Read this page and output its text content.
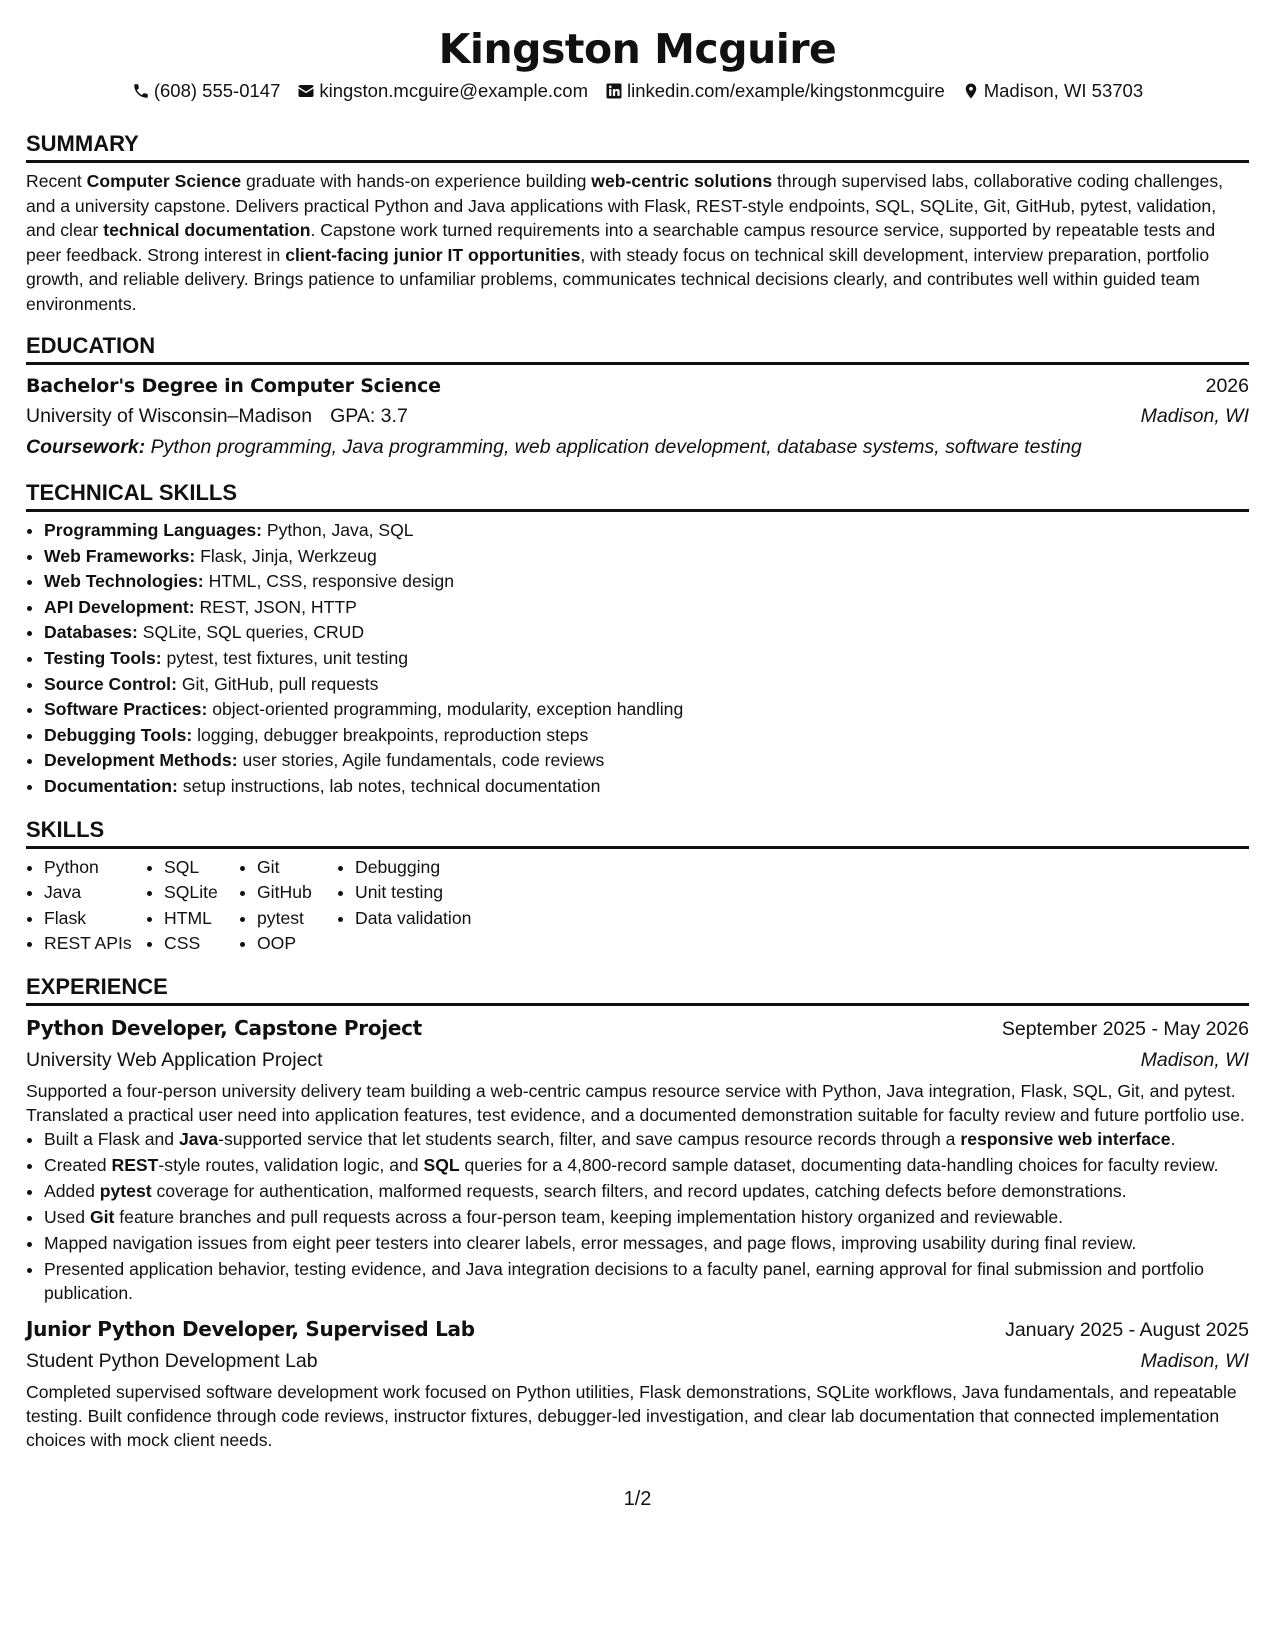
Kingston Mcguire
(608) 555-0147 kingston.mcguire@example.com linkedin.com/example/kingstonmcguire Madison, WI 53703
SUMMARY
Recent Computer Science graduate with hands-on experience building web-centric solutions through supervised labs, collaborative coding challenges, and a university capstone. Delivers practical Python and Java applications with Flask, REST-style endpoints, SQL, SQLite, Git, GitHub, pytest, validation, and clear technical documentation. Capstone work turned requirements into a searchable campus resource service, supported by repeatable tests and peer feedback. Strong interest in client-facing junior IT opportunities, with steady focus on technical skill development, interview preparation, portfolio growth, and reliable delivery. Brings patience to unfamiliar problems, communicates technical decisions clearly, and contributes well within guided team environments.
EDUCATION
Bachelor's Degree in Computer Science	2026
University of Wisconsin–Madison GPA: 3.7	Madison, WI
Coursework: Python programming, Java programming, web application development, database systems, software testing
TECHNICAL SKILLS
• Programming Languages: Python, Java, SQL
• Web Frameworks: Flask, Jinja, Werkzeug
• Web Technologies: HTML, CSS, responsive design
• API Development: REST, JSON, HTTP
• Databases: SQLite, SQL queries, CRUD
• Testing Tools: pytest, test fixtures, unit testing
• Source Control: Git, GitHub, pull requests
• Software Practices: object-oriented programming, modularity, exception handling
• Debugging Tools: logging, debugger breakpoints, reproduction steps
• Development Methods: user stories, Agile fundamentals, code reviews
• Documentation: setup instructions, lab notes, technical documentation
SKILLS
• Python
• Java
• Flask
• REST APIs
• SQL
• SQLite
• HTML
• CSS
• Git
• GitHub
• pytest
• OOP
• Debugging
• Unit testing
• Data validation
EXPERIENCE
Python Developer, Capstone Project	September 2025 - May 2026
University Web Application Project	Madison, WI
Supported a four-person university delivery team building a web-centric campus resource service with Python, Java integration, Flask, SQL, Git, and pytest. Translated a practical user need into application features, test evidence, and a documented demonstration suitable for faculty review and future portfolio use.
• Built a Flask and Java-supported service that let students search, filter, and save campus resource records through a responsive web interface.
• Created REST-style routes, validation logic, and SQL queries for a 4,800-record sample dataset, documenting data-handling choices for faculty review.
• Added pytest coverage for authentication, malformed requests, search filters, and record updates, catching defects before demonstrations.
• Used Git feature branches and pull requests across a four-person team, keeping implementation history organized and reviewable.
• Mapped navigation issues from eight peer testers into clearer labels, error messages, and page flows, improving usability during final review.
• Presented application behavior, testing evidence, and Java integration decisions to a faculty panel, earning approval for final submission and portfolio publication.
Junior Python Developer, Supervised Lab	January 2025 - August 2025
Student Python Development Lab	Madison, WI
Completed supervised software development work focused on Python utilities, Flask demonstrations, SQLite workflows, Java fundamentals, and repeatable testing. Built confidence through code reviews, instructor fixtures, debugger-led investigation, and clear lab documentation that connected implementation choices with mock client needs.
1/2
